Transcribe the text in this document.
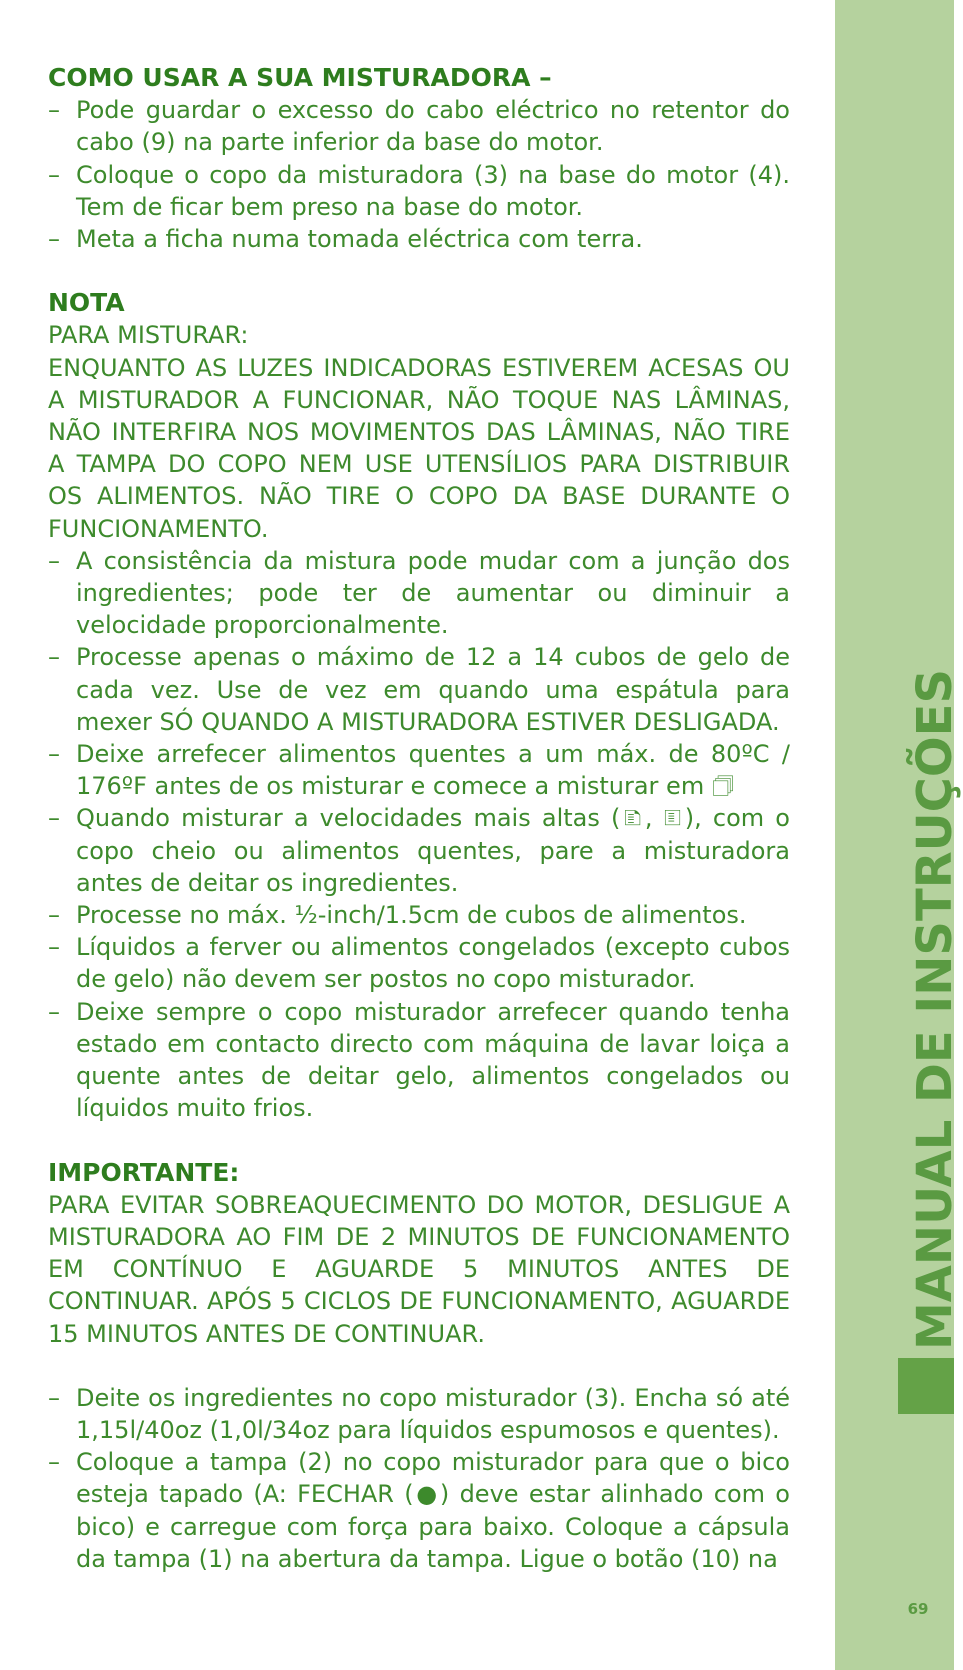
MANUAL DE INSTRUÇÕES
69
COMO USAR A SUA MISTURADORA –
– Pode guardar o excesso do cabo eléctrico no retentor do cabo (9) na parte inferior da base do motor.
– Coloque o copo da misturadora (3) na base do motor (4). Tem de ficar bem preso na base do motor.
– Meta a ficha numa tomada eléctrica com terra.
NOTA

PARA MISTURAR:

ENQUANTO AS LUZES INDICADORAS ESTIVEREM ACESAS OU A MISTURADOR A FUNCIONAR, NÃO TOQUE NAS LÂMINAS, NÃO INTERFIRA NOS MOVIMENTOS DAS LÂMINAS, NÃO TIRE A TAMPA DO COPO NEM USE UTENSÍLIOS PARA DISTRIBUIR OS ALIMENTOS. NÃO TIRE O COPO DA BASE DURANTE O FUNCIONAMENTO.

– A consistência da mistura pode mudar com a junção dos ingredientes; pode ter de aumentar ou diminuir a velocidade proporcionalmente.
– Processe apenas o máximo de 12 a 14 cubos de gelo de cada vez. Use de vez em quando uma espátula para mexer SÓ QUANDO A MISTURADORA ESTIVER DESLIGADA.
– Deixe arrefecer alimentos quentes a um máx. de 80ºC / 176ºF antes de os misturar e comece a misturar em 🗇
– Quando misturar a velocidades mais altas (🗈, 🗉), com o copo cheio ou alimentos quentes, pare a misturadora antes de deitar os ingredientes.
– Processe no máx. ½-inch/1.5cm de cubos de alimentos.
– Líquidos a ferver ou alimentos congelados (excepto cubos de gelo) não devem ser postos no copo misturador.
– Deixe sempre o copo misturador arrefecer quando tenha estado em contacto directo com máquina de lavar loiça a quente antes de deitar gelo, alimentos congelados ou líquidos muito frios.
IMPORTANTE:

PARA EVITAR SOBREAQUECIMENTO DO MOTOR, DESLIGUE A MISTURADORA AO FIM DE 2 MINUTOS DE FUNCIONAMENTO EM CONTÍNUO E AGUARDE 5 MINUTOS ANTES DE CONTINUAR. APÓS 5 CICLOS DE FUNCIONAMENTO, AGUARDE 15 MINUTOS ANTES DE CONTINUAR.

– Deite os ingredientes no copo misturador (3). Encha só até 1,15l/40oz (1,0l/34oz para líquidos espumosos e quentes).
– Coloque a tampa (2) no copo misturador para que o bico esteja tapado (A: FECHAR (●) deve estar alinhado com o bico) e carregue com força para baixo. Coloque a cápsula da tampa (1) na abertura da tampa. Ligue o botão (10) na
